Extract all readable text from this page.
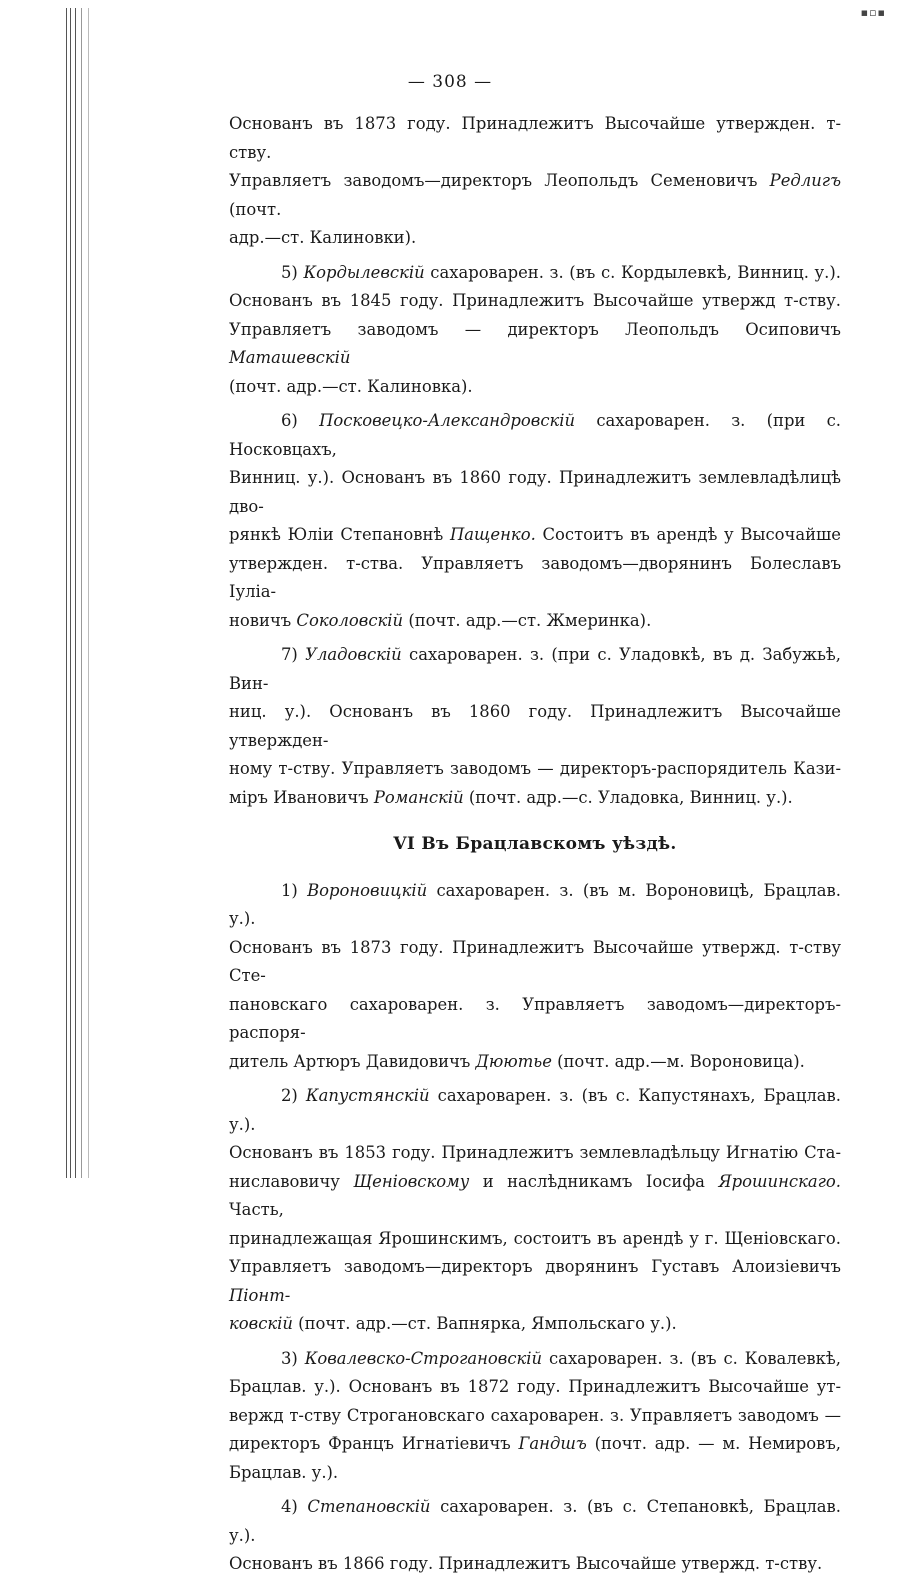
▪▫▪
— 308 —
Основанъ въ 1873 году. Принадлежитъ Высочайше утвержден. т-ству.
Управляетъ заводомъ—директоръ Леопольдъ Семеновичъ Редлигъ (почт.
адр.—ст. Калиновки).
5) Кордылевскій сахароварен. з. (въ с. Кордылевкѣ, Винниц. у.).
Основанъ въ 1845 году. Принадлежитъ Высочайше утвержд т-ству.
Управляетъ заводомъ — директоръ Леопольдъ Осиповичъ Маташевскій
(почт. адр.—ст. Калиновка).
6) Посковецко-Александровскій сахароварен. з. (при с. Носковцахъ,
Винниц. у.). Основанъ въ 1860 году. Принадлежитъ землевладѣлицѣ дво-
рянкѣ Юліи Степановнѣ Пащенко. Состоитъ въ арендѣ у Высочайше
утвержден. т-ства. Управляетъ заводомъ—дворянинъ Болеславъ Іуліа-
новичъ Соколовскій (почт. адр.—ст. Жмеринка).
7) Уладовскій сахароварен. з. (при с. Уладовкѣ, въ д. Забужьѣ, Вин-
ниц. у.). Основанъ въ 1860 году. Принадлежитъ Высочайше утвержден-
ному т-ству. Управляетъ заводомъ — директоръ-распорядитель Кази-
міръ Ивановичъ Романскій (почт. адр.—с. Уладовка, Винниц. у.).
VI Въ Брацлавскомъ уѣздѣ.
1) Вороновицкій сахароварен. з. (въ м. Вороновицѣ, Брацлав. у.).
Основанъ въ 1873 году. Принадлежитъ Высочайше утвержд. т-ству Сте-
пановскаго сахароварен. з. Управляетъ заводомъ—директоръ-распоря-
дитель Артюръ Давидовичъ Дюютье (почт. адр.—м. Вороновица).
2) Капустянскій сахароварен. з. (въ с. Капустянахъ, Брацлав. у.).
Основанъ въ 1853 году. Принадлежитъ землевладѣльцу Игнатію Ста-
ниславовичу Щеніовскому и наслѣдникамъ Іосифа Ярошинскаго. Часть,
принадлежащая Ярошинскимъ, состоитъ въ арендѣ у г. Щеніовскаго.
Управляетъ заводомъ—директоръ дворянинъ Густавъ Алоизіевичъ Піонт-
ковскій (почт. адр.—ст. Вапнярка, Ямпольскаго у.).
3) Ковалевско-Строгановскій сахароварен. з. (въ с. Ковалевкѣ,
Брацлав. у.). Основанъ въ 1872 году. Принадлежитъ Высочайше ут-
вержд т-ству Строгановскаго сахароварен. з. Управляетъ заводомъ —
директоръ Францъ Игнатіевичъ Гандшъ (почт. адр. — м. Немировъ,
Брацлав. у.).
4) Степановскій сахароварен. з. (въ с. Степановкѣ, Брацлав. у.).
Основанъ въ 1866 году. Принадлежитъ Высочайше утвержд. т-ству.
